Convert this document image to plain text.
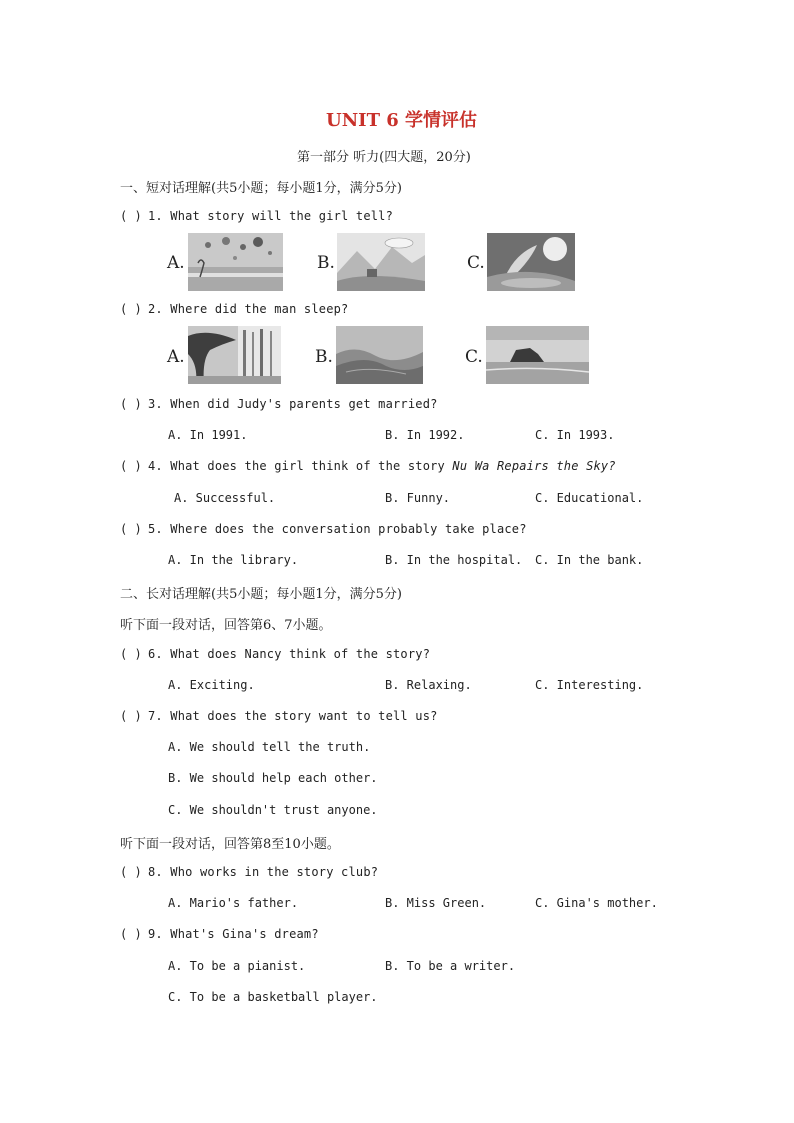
UNIT 6 学情评估
第一部分 听力(四大题，20分)
一、短对话理解(共5小题；每小题1分，满分5分)
( ) 1. What story will the girl tell?
A.	B.	C.
( ) 2. Where did the man sleep?
A.	B.	C.
( ) 3. When did Judy's parents get married?
A. In 1991.	B. In 1992.	C. In 1993.
( ) 4. What does the girl think of the story Nu Wa Repairs the Sky?
A. Successful.	B. Funny.	C. Educational.
( ) 5. Where does the conversation probably take place?
A. In the library.	B. In the hospital. C. In the bank.
二、长对话理解(共5小题；每小题1分，满分5分)
听下面一段对话，回答第6、7小题。
( ) 6. What does Nancy think of the story?
A. Exciting.	B. Relaxing.	C. Interesting.
( ) 7. What does the story want to tell us?
A. We should tell the truth.
B. We should help each other.
C. We shouldn't trust anyone.
听下面一段对话，回答第8至10小题。
( ) 8. Who works in the story club?
A. Mario's father.	B. Miss Green.	C. Gina's mother.
( ) 9. What's Gina's dream?
A. To be a pianist.	B. To be a writer.
C. To be a basketball player.
